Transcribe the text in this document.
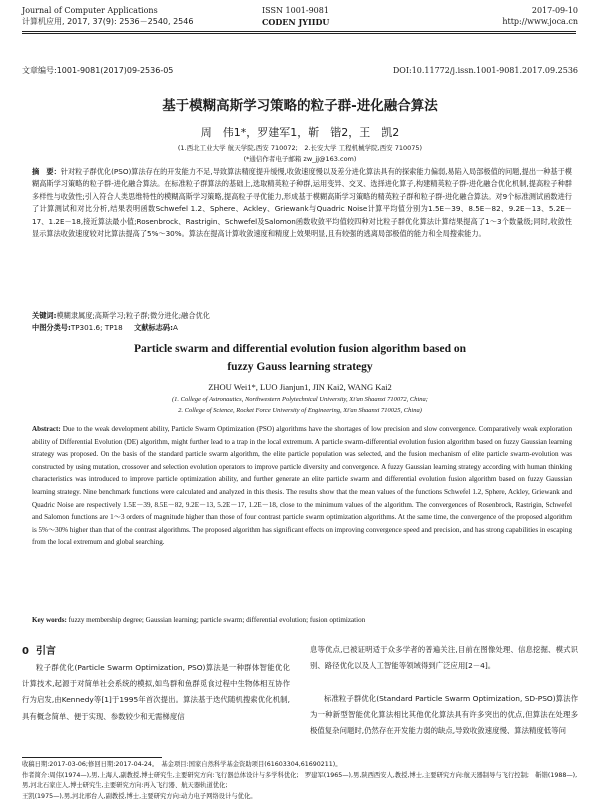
Journal of Computer Applications
计算机应用, 2017, 37(9): 2536－2540, 2546
ISSN 1001-9081
CODEN JYIIDU
2017-09-10
http://www.joca.cn
文章编号:1001-9081(2017)09-2536-05	DOI:10.11772/j.issn.1001-9081.2017.09.2536
基于模糊高斯学习策略的粒子群-进化融合算法
周　伟1*，罗建军1，靳　锴2，王　凯2
(1.西北工业大学 航天学院,西安 710072;　2.长安大学 工程机械学院,西安 710075)
(*通信作者电子邮箱 zw_jj@163.com)
摘　要：针对粒子群优化(PSO)算法存在的开发能力不足,导致算法精度提升缓慢,收敛速度慢以及差分进化算法具有的探索能力偏弱,易陷入局部极值的问题,提出一种基于模糊高斯学习策略的粒子群-进化融合算法。在标准粒子群算法的基础上,选取精英粒子种群,运用变异、交叉、选择进化算子,构建精英粒子群-进化融合优化机制,提高粒子种群多样性与收敛性;引入符合人类思维特性的模糊高斯学习策略,提高粒子寻优能力,形成基于模糊高斯学习策略的精英粒子群和粒子群-进化融合算法。对9个标准测试函数进行了计算测试和对比分析,结果表明函数Schwefel 1.2、Sphere、Ackley、Griewank与Quadric Noise计算平均值分别为1.5E－39、8.5E－82、9.2E－13、5.2E－17、1.2E－18,接近算法最小值;Rosenbrock、Rastrigin、Schwefel及Salomon函数收敛平均值较四种对比粒子群优化算法计算结果提高了1～3个数量级;同时,收敛性显示算法收敛速度较对比算法提高了5%～30%。算法在提高计算收敛速度和精度上效果明显,且有较强的逃离局部极值的能力和全局搜索能力。
关键词:模糊隶属度;高斯学习;粒子群;微分进化;融合优化
中图分类号:TP301.6; TP18 文献标志码:A
Particle swarm and differential evolution fusion algorithm based on
fuzzy Gauss learning strategy
ZHOU Wei1*, LUO Jianjun1, JIN Kai2, WANG Kai2
(1. College of Astronautics, Northwestern Polytechnical University, Xi'an Shaanxi 710072, China;
2. College of Science, Rocket Force University of Engineering, Xi'an Shaanxi 710025, China)
Abstract: Due to the weak development ability, Particle Swarm Optimization (PSO) algorithms have the shortages of low precision and slow convergence. Comparatively weak exploration ability of Differential Evolution (DE) algorithm, might further lead to a trap in the local extremum. A particle swarm-differential evolution fusion algorithm based on fuzzy Gaussian learning strategy was proposed. On the basis of the standard particle swarm algorithm, the elite particle population was selected, and the fusion mechanism of elite particle swarm-evolution was constructed by using mutation, crossover and selection evolution operators to improve particle diversity and convergence. A fuzzy Gaussian learning strategy according with human thinking characteristics was introduced to improve particle optimization ability, and further generate an elite particle swarm and differential evolution fusion algorithm based on fuzzy Gaussian learning strategy. Nine benchmark functions were calculated and analyzed in this thesis. The results show that the mean values of the functions Schwefel 1.2, Sphere, Ackley, Griewank and Quadric Noise are respectively 1.5E－39, 8.5E－82, 9.2E－13, 5.2E－17, 1.2E－18, close to the minimum values of the algorithm. The convergences of Rosenbrock, Rastrigin, Schwefel and Salomon functions are 1～3 orders of magnitude higher than those of four contrast particle swarm optimization algorithms. At the same time, the convergence of the proposed algorithm is 5%～30% higher than that of the contrast algorithms. The proposed algorithm has significant effects on improving convergence speed and precision, and has strong capabilities in escaping from the local extremum and global searching.
Key words: fuzzy membership degree; Gaussian learning; particle swarm; differential evolution; fusion optimization
0 引言
粒子群优化(Particle Swarm Optimization, PSO)算法是一种群体智能优化计算技术,起源于对简单社会系统的模拟,如鸟群和鱼群觅食过程中生物体相互协作行为启发,由Kennedy等[1]于1995年首次提出。算法基于迭代随机搜索优化机制,具有概念简单、便于实现、参数较少和无需梯度信
息等优点,已被证明适于众多学者的普遍关注,目前在图像处理、信息挖掘、模式识别、路径优化以及人工智能等领域得到广泛应用[2－4]。
标准粒子群优化(Standard Particle Swarm Optimization, SD-PSO)算法作为一种新型智能优化算法相比其他优化算法具有许多突出的优点,但算法在处理多极值复杂问题时,仍然存在开发能力弱的缺点,导致收敛速度慢、算法精度低等问
收稿日期:2017-03-06;修回日期:2017-04-24。　基金项目:国家自然科学基金资助项目(61603304,61690211)。
作者简介:周伟(1974—),男,上海人,副教授,博士研究生,主要研究方向:飞行器总体设计与多学科优化;　罗建军(1965—),男,陕西西安人,教授,博士,主要研究方向:航天器制导与飞行控制;　靳锴(1988—),男,河北石家庄人,博士研究生,主要研究方向:再入飞行器、航天器轨道优化;
王凯(1975—),男,河北邢台人,副教授,博士,主要研究方向:动力电子网络设计与优化。
